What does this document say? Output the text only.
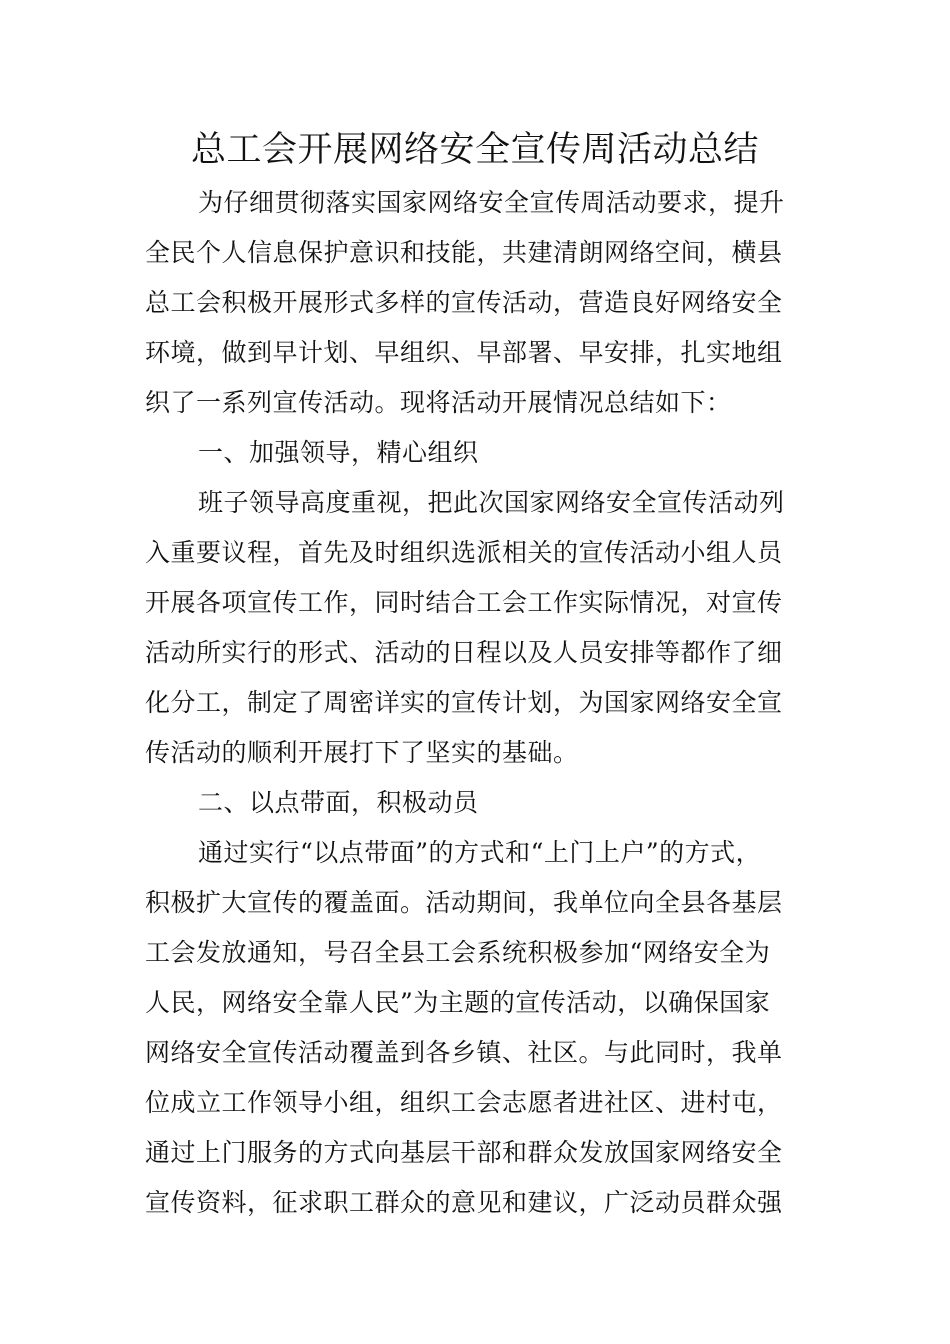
总工会开展网络安全宣传周活动总结
为仔细贯彻落实国家网络安全宣传周活动要求，提升
全民个人信息保护意识和技能，共建清朗网络空间，横县
总工会积极开展形式多样的宣传活动，营造良好网络安全
环境，做到早计划、早组织、早部署、早安排，扎实地组
织了一系列宣传活动。现将活动开展情况总结如下：
一、加强领导，精心组织
班子领导高度重视，把此次国家网络安全宣传活动列
入重要议程，首先及时组织选派相关的宣传活动小组人员
开展各项宣传工作，同时结合工会工作实际情况，对宣传
活动所实行的形式、活动的日程以及人员安排等都作了细
化分工，制定了周密详实的宣传计划，为国家网络安全宣
传活动的顺利开展打下了坚实的基础。
二、以点带面，积极动员
通过实行“以点带面”的方式和“上门上户”的方式，
积极扩大宣传的覆盖面。活动期间，我单位向全县各基层
工会发放通知，号召全县工会系统积极参加“网络安全为
人民，网络安全靠人民”为主题的宣传活动，以确保国家
网络安全宣传活动覆盖到各乡镇、社区。与此同时，我单
位成立工作领导小组，组织工会志愿者进社区、进村屯，
通过上门服务的方式向基层干部和群众发放国家网络安全
宣传资料，征求职工群众的意见和建议，广泛动员群众强
